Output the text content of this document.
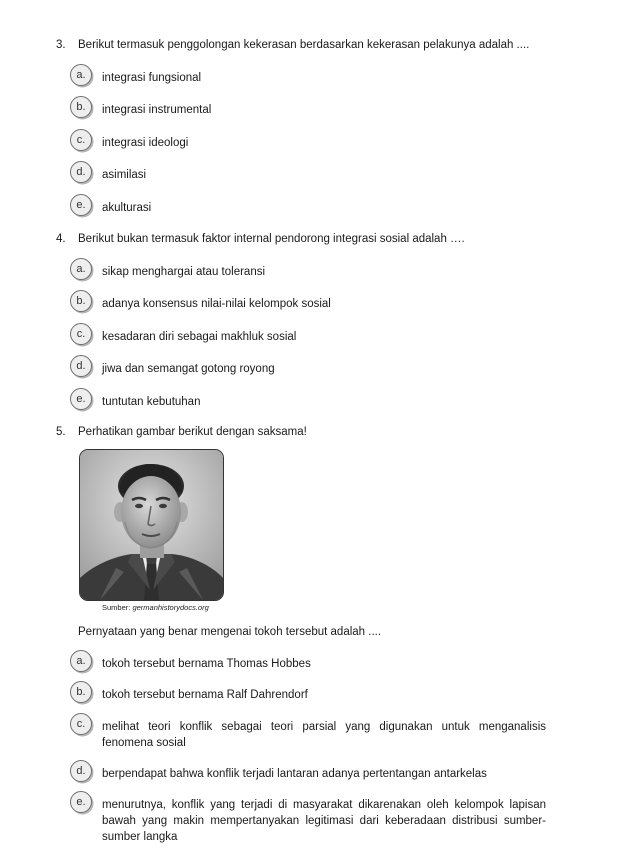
3.	Berikut termasuk penggolongan kekerasan berdasarkan kekerasan pelakunya adalah ....
a.	integrasi fungsional
b.	integrasi instrumental
c.	integrasi ideologi
d.	asimilasi
e.	akulturasi
4.	Berikut bukan termasuk faktor internal pendorong integrasi sosial adalah ….
a.	sikap menghargai atau toleransi
b.	adanya konsensus nilai-nilai kelompok sosial
c.	kesadaran diri sebagai makhluk sosial
d.	jiwa dan semangat gotong royong
e.	tuntutan kebutuhan
5.	Perhatikan gambar berikut dengan saksama!
Sumber: germanhistorydocs.org
Pernyataan yang benar mengenai tokoh tersebut adalah ....
a.	tokoh tersebut bernama Thomas Hobbes
b.	tokoh tersebut bernama Ralf Dahrendorf
c.	melihat teori konflik sebagai teori parsial yang digunakan untuk menganalisis fenomena sosial
d.	berpendapat bahwa konflik terjadi lantaran adanya pertentangan antarkelas
e.	menurutnya, konflik yang terjadi di masyarakat dikarenakan oleh kelompok lapisan bawah yang makin mempertanyakan legitimasi dari keberadaan distribusi sumber-sumber langka
